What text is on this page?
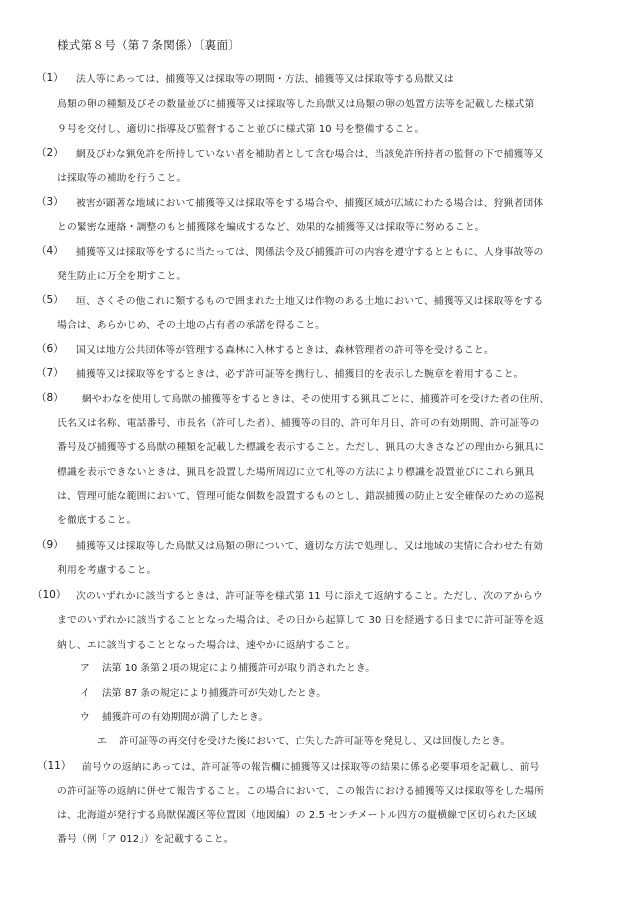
様式第８号（第７条関係）〔裏面〕
（1） 法人等にあっては、捕獲等又は採取等の期間・方法、捕獲等又は採取等する鳥獣又は
鳥類の卵の種類及びその数量並びに捕獲等又は採取等した鳥獣又は鳥類の卵の処置方法等を記載した様式第
９号を交付し、適切に指導及び監督すること並びに様式第 10 号を整備すること。
（2） 網及びわな猟免許を所持していない者を補助者として含む場合は、当該免許所持者の監督の下で捕獲等又
は採取等の補助を行うこと。
（3） 被害が顕著な地域において捕獲等又は採取等をする場合や、捕獲区域が広域にわたる場合は、狩猟者団体
との緊密な連絡・調整のもと捕獲隊を編成するなど、効果的な捕獲等又は採取等に努めること。
（4） 捕獲等又は採取等をするに当たっては、関係法令及び捕獲許可の内容を遵守するとともに、人身事故等の
発生防止に万全を期すこと。
（5） 垣、さくその他これに類するもので囲まれた土地又は作物のある土地において、捕獲等又は採取等をする
場合は、あらかじめ、その土地の占有者の承諾を得ること。
（6） 国又は地方公共団体等が管理する森林に入林するときは、森林管理者の許可等を受けること。
（7） 捕獲等又は採取等をするときは、必ず許可証等を携行し、捕獲目的を表示した腕章を着用すること。
（8） 網やわなを使用して鳥獣の捕獲等をするときは、その使用する猟具ごとに、捕獲許可を受けた者の住所、
氏名又は名称、電話番号、市長名（許可した者）、捕獲等の目的、許可年月日、許可の有効期間、許可証等の
番号及び捕獲等する鳥獣の種類を記載した標識を表示すること。ただし、猟具の大きさなどの理由から猟具に
標識を表示できないときは、猟具を設置した場所周辺に立て札等の方法により標識を設置並びにこれら猟具
は、管理可能な範囲において、管理可能な個数を設置するものとし、錯誤捕獲の防止と安全確保のための巡視
を徹底すること。
（9） 捕獲等又は採取等した鳥獣又は鳥類の卵について、適切な方法で処理し、又は地域の実情に合わせた有効
利用を考慮すること。
（10） 次のいずれかに該当するときは、許可証等を様式第 11 号に添えて返納すること。ただし、次のアからウ
までのいずれかに該当することとなった場合は、その日から起算して 30 日を経過する日までに許可証等を返
納し、エに該当することとなった場合は、速やかに返納すること。
ア 法第 10 条第２項の規定により捕獲許可が取り消されたとき。
イ 法第 87 条の規定により捕獲許可が失効したとき。
ウ 捕獲許可の有効期間が満了したとき。
エ 許可証等の再交付を受けた後において、亡失した許可証等を発見し、又は回復したとき。
（11） 前号ウの返納にあっては、許可証等の報告欄に捕獲等又は採取等の結果に係る必要事項を記載し、前号
の許可証等の返納に併せて報告すること。この場合において、この報告における捕獲等又は採取等をした場所
は、北海道が発行する鳥獣保護区等位置図（地図編）の 2.5 センチメートル四方の縦横線で区切られた区域
番号（例「ア 012」）を記載すること。
